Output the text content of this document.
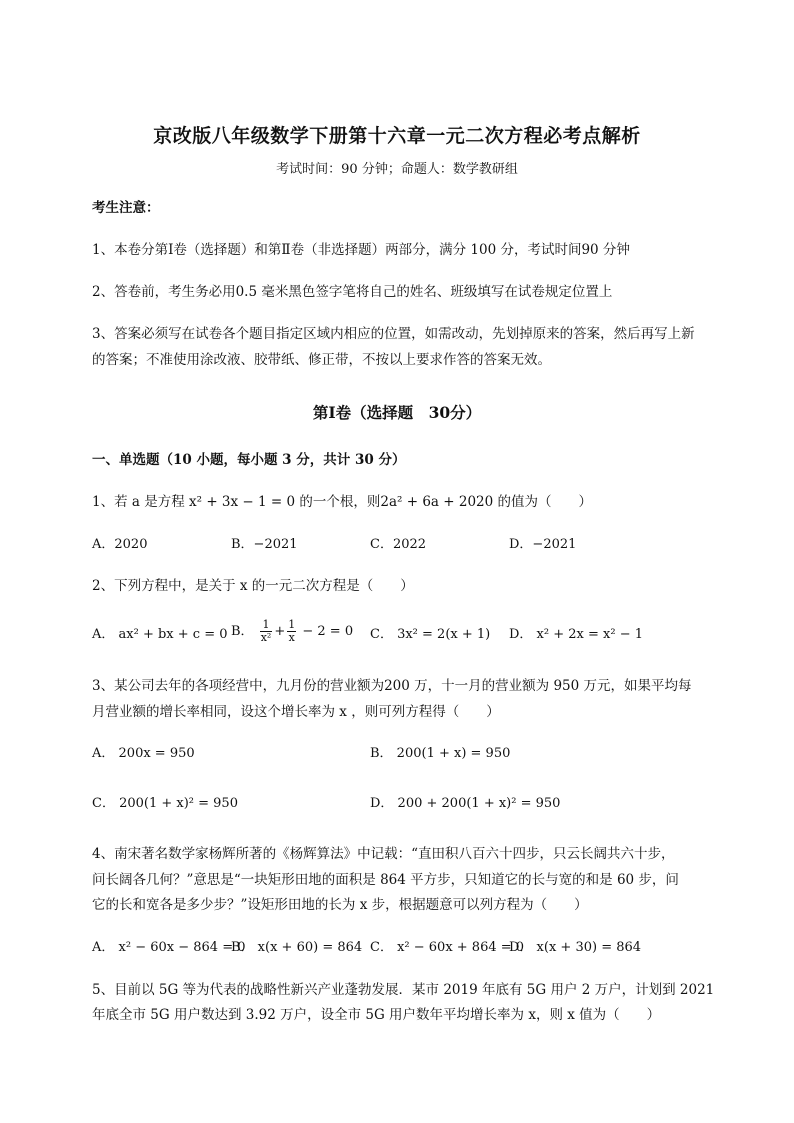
京改版八年级数学下册第十六章一元二次方程必考点解析
考试时间：90 分钟；命题人：数学教研组
考生注意：
1、本卷分第Ⅰ卷（选择题）和第Ⅱ卷（非选择题）两部分，满分 100 分，考试时间90 分钟
2、答卷前，考生务必用0.5 毫米黑色签字笔将自己的姓名、班级填写在试卷规定位置上
3、答案必须写在试卷各个题目指定区域内相应的位置，如需改动，先划掉原来的答案，然后再写上新
的答案；不准使用涂改液、胶带纸、修正带，不按以上要求作答的答案无效。
第Ⅰ卷（选择题　30分）
一、单选题（10 小题，每小题 3 分，共计 30 分）
1、若 a 是方程 x² + 3x − 1 = 0 的一个根，则2a² + 6a + 2020 的值为（　　）
A．2020	B．−2021	C．2022	D．−2021
2、下列方程中，是关于 x 的一元二次方程是（　　）
A． ax² + bx + c = 0 B． $\frac{1}{\text{x²}} + \frac{1}{x} - 2 = 0$ C． 3x² = 2(x + 1) D． x² + 2x = x² − 1
3、某公司去年的各项经营中，九月份的营业额为200 万，十一月的营业额为 950 万元，如果平均每
月营业额的增长率相同，设这个增长率为 x ，则可列方程得（　　）
A． 200x = 950	B． 200(1 + x) = 950
C． 200(1 + x)² = 950	D． 200 + 200(1 + x)² = 950
4、南宋著名数学家杨辉所著的《杨辉算法》中记载：“直田积八百六十四步，只云长阔共六十步，
问长阔各几何？”意思是“一块矩形田地的面积是 864 平方步，只知道它的长与宽的和是 60 步，问
它的长和宽各是多少步？”设矩形田地的长为 x 步，根据题意可以列方程为（　　）
A． x² − 60x − 864 = 0
B． x(x + 60) = 864 C． x² − 60x + 864 = 0
D． x(x + 30) = 864
5、目前以 5G 等为代表的战略性新兴产业蓬勃发展．某市 2019 年底有 5G 用户 2 万户，计划到 2021
年底全市 5G 用户数达到 3.92 万户，设全市 5G 用户数年平均增长率为 x，则 x 值为（　　）
